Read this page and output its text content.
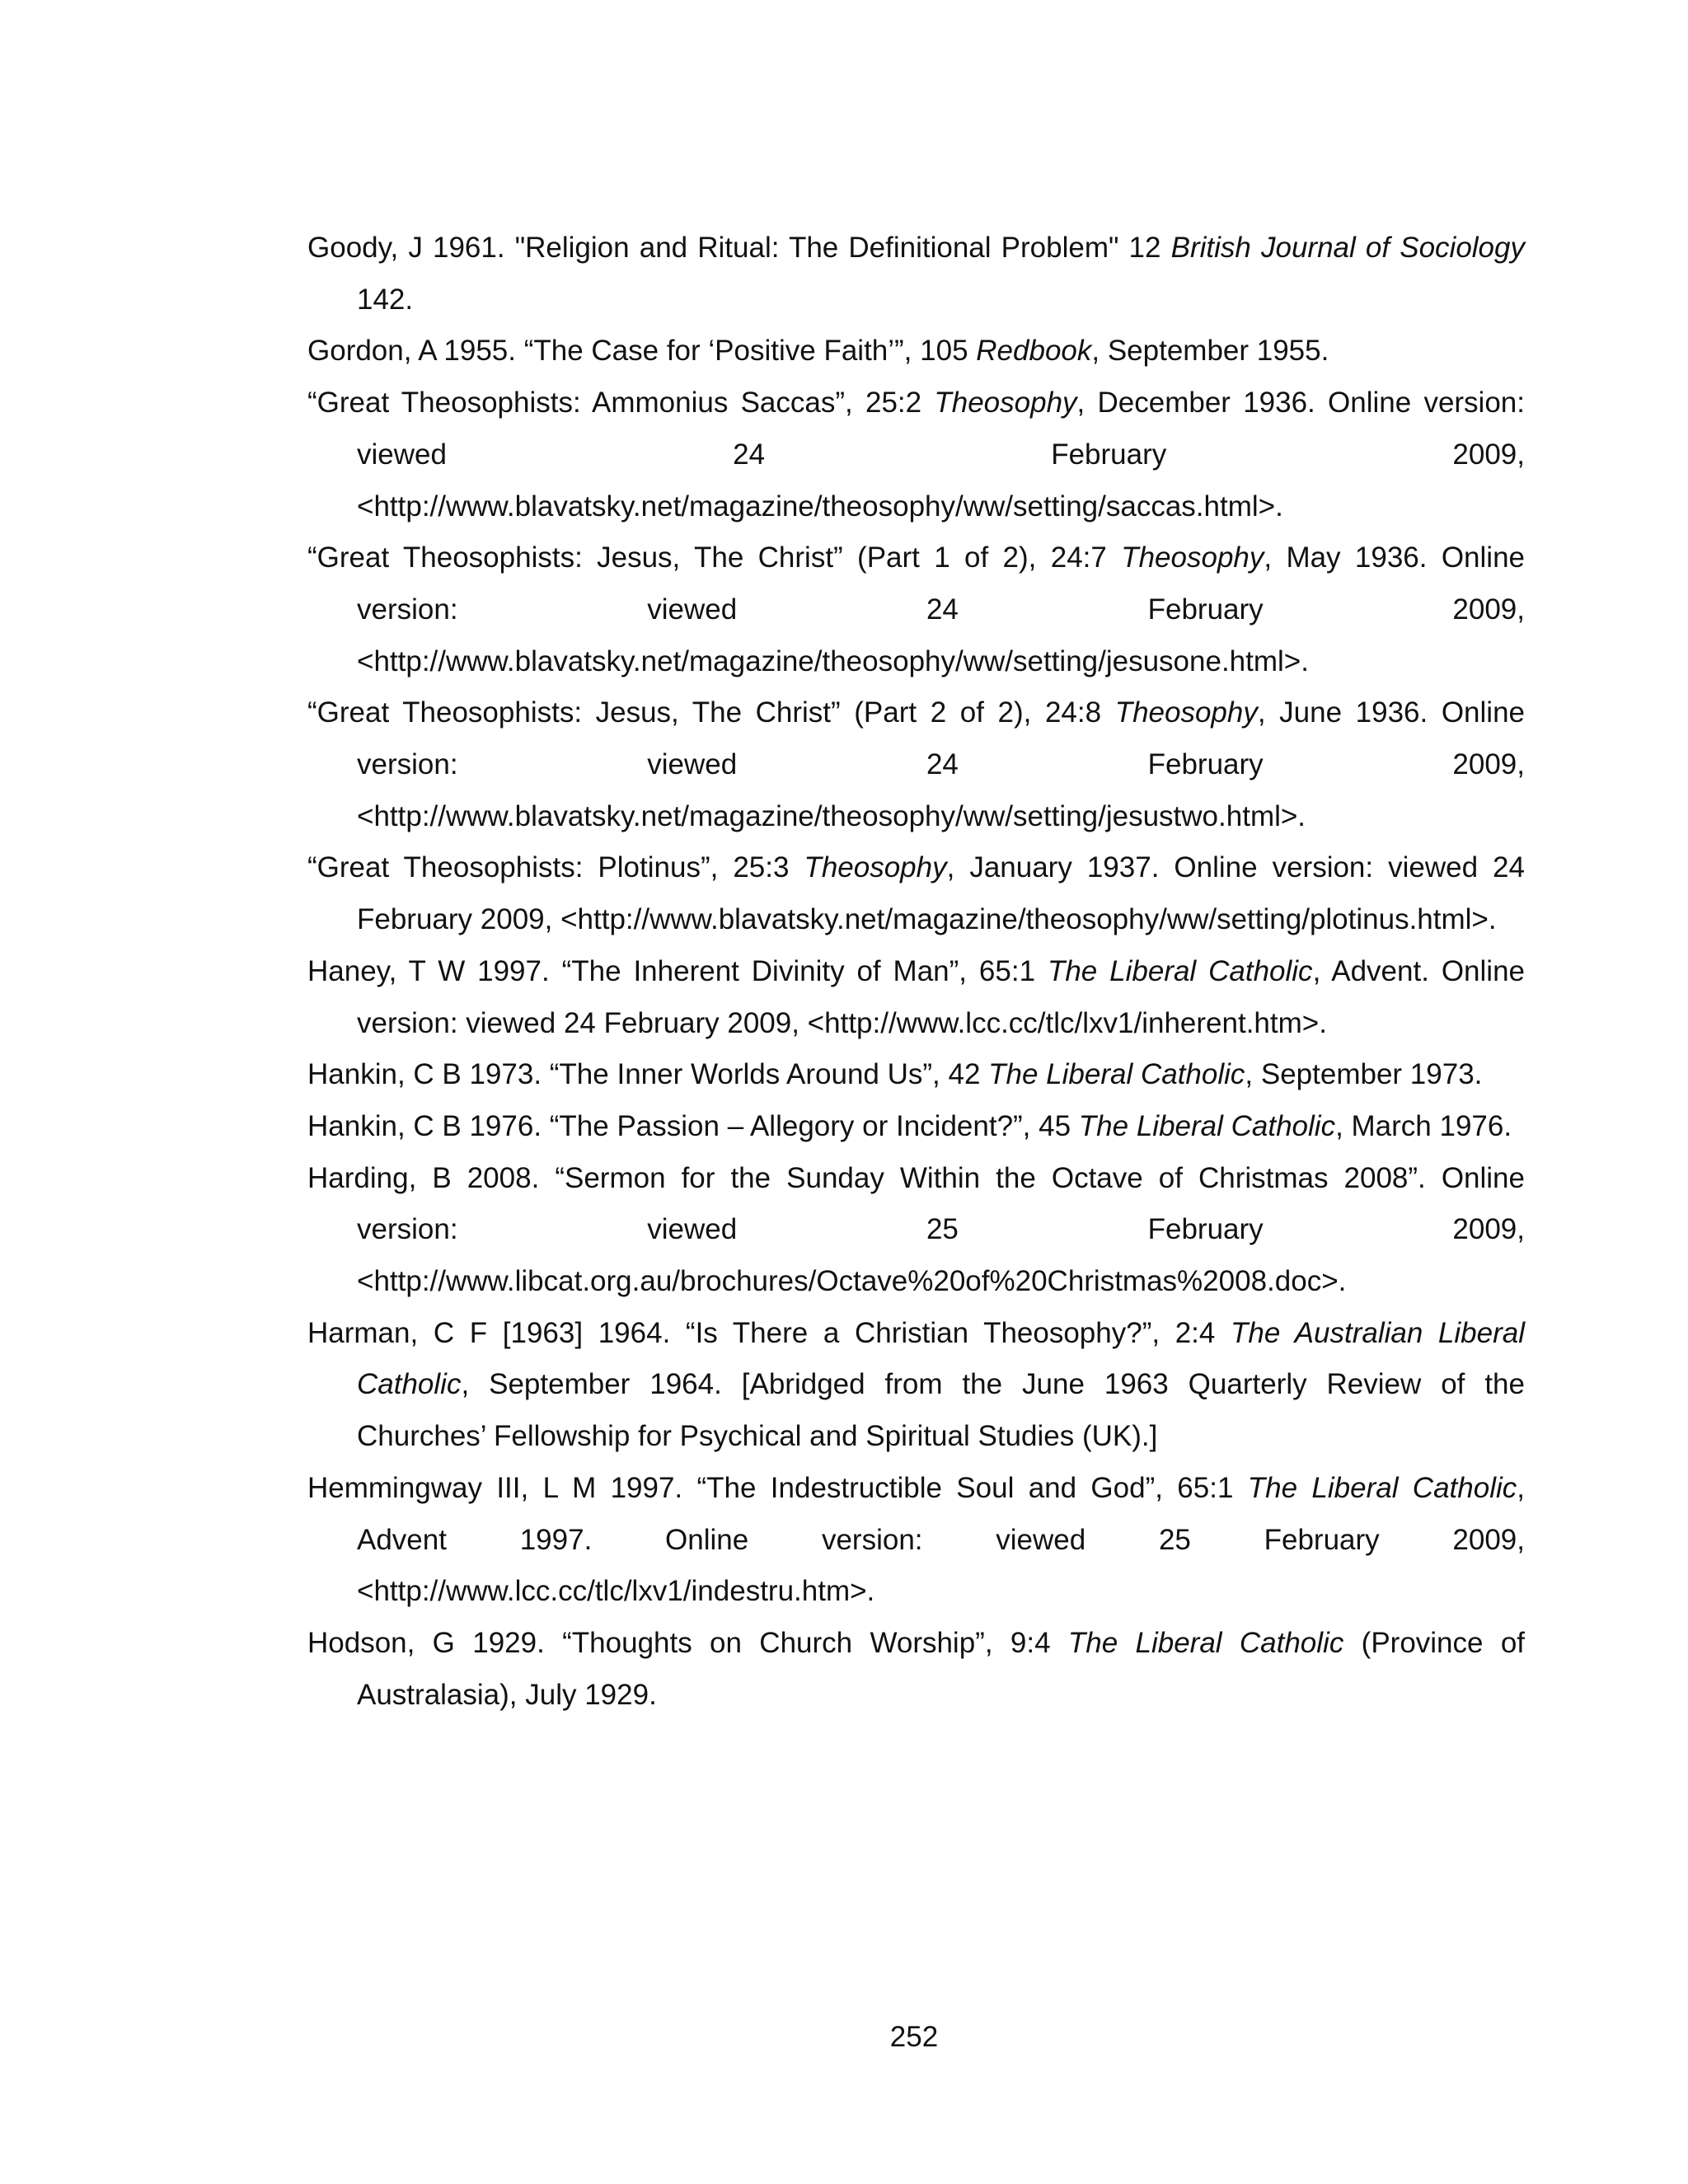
Goody, J 1961. "Religion and Ritual: The Definitional Problem" 12 British Journal of Sociology 142.

Gordon, A 1955. “The Case for ‘Positive Faith’”, 105 Redbook, September 1955.

“Great Theosophists: Ammonius Saccas”, 25:2 Theosophy, December 1936. Online version: viewed 24 February 2009, <http://www.blavatsky.net/magazine/theosophy/ww/setting/saccas.html>.

“Great Theosophists: Jesus, The Christ” (Part 1 of 2), 24:7 Theosophy, May 1936. Online version: viewed 24 February 2009, <http://www.blavatsky.net/magazine/theosophy/ww/setting/jesusone.html>.

“Great Theosophists: Jesus, The Christ” (Part 2 of 2), 24:8 Theosophy, June 1936. Online version: viewed 24 February 2009, <http://www.blavatsky.net/magazine/theosophy/ww/setting/jesustwo.html>.

“Great Theosophists: Plotinus”, 25:3 Theosophy, January 1937. Online version: viewed 24 February 2009, <http://www.blavatsky.net/magazine/theosophy/ww/setting/plotinus.html>.

Haney, T W 1997. “The Inherent Divinity of Man”, 65:1 The Liberal Catholic, Advent. Online version: viewed 24 February 2009, <http://www.lcc.cc/tlc/lxv1/inherent.htm>.

Hankin, C B 1973. “The Inner Worlds Around Us”, 42 The Liberal Catholic, September 1973.

Hankin, C B 1976. “The Passion – Allegory or Incident?”, 45 The Liberal Catholic, March 1976.

Harding, B 2008. “Sermon for the Sunday Within the Octave of Christmas 2008”. Online version: viewed 25 February 2009, <http://www.libcat.org.au/brochures/Octave%20of%20Christmas%2008.doc>.

Harman, C F [1963] 1964. “Is There a Christian Theosophy?”, 2:4 The Australian Liberal Catholic, September 1964. [Abridged from the June 1963 Quarterly Review of the Churches’ Fellowship for Psychical and Spiritual Studies (UK).]

Hemmingway III, L M 1997. “The Indestructible Soul and God”, 65:1 The Liberal Catholic, Advent 1997. Online version: viewed 25 February 2009, <http://www.lcc.cc/tlc/lxv1/indestru.htm>.

Hodson, G 1929. “Thoughts on Church Worship”, 9:4 The Liberal Catholic (Province of Australasia), July 1929.

252
